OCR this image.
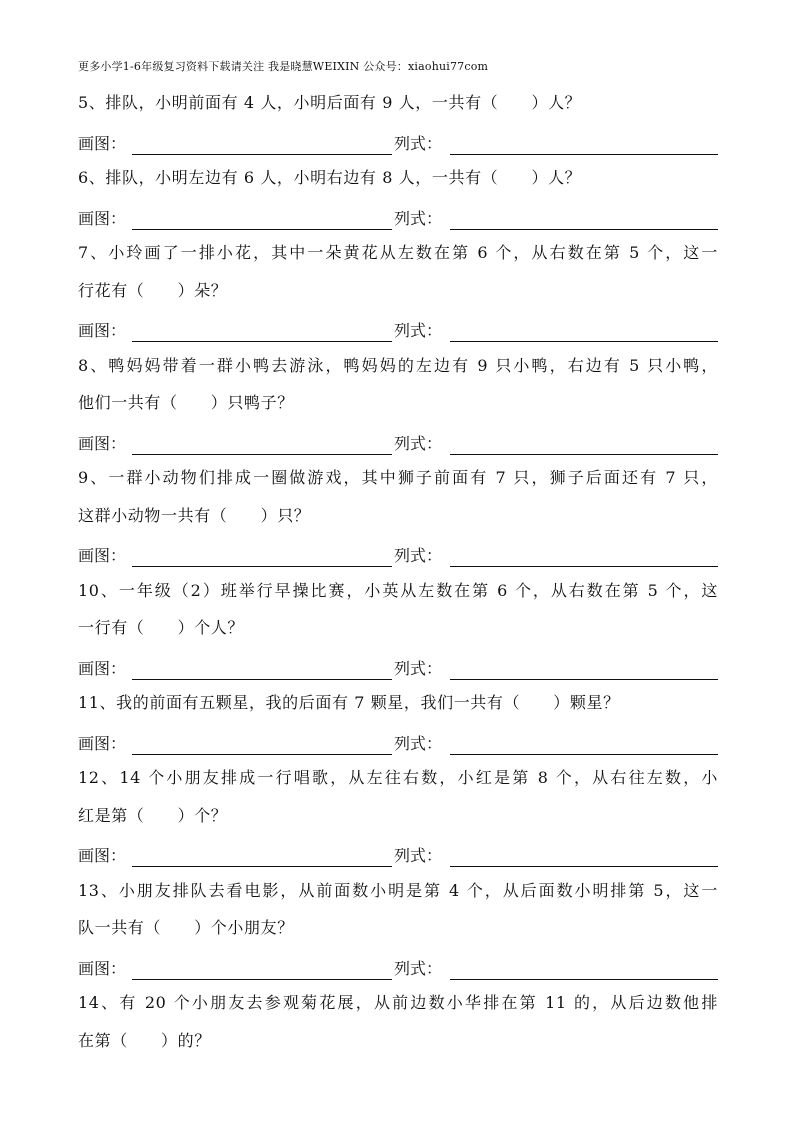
更多小学1-6年级复习资料下载请关注 我是晓慧WEIXIN 公众号：xiaohui77com
5、排队，小明前面有 4 人，小明后面有 9 人，一共有（　　）人？
画图：	列式：
6、排队，小明左边有 6 人，小明右边有 8 人，一共有（　　）人？
画图：	列式：
7、小玲画了一排小花，其中一朵黄花从左数在第 6 个，从右数在第 5 个，这一
行花有（　　）朵？
画图：	列式：
8、鸭妈妈带着一群小鸭去游泳，鸭妈妈的左边有 9 只小鸭，右边有 5 只小鸭，
他们一共有（　　）只鸭子？
画图：	列式：
9、一群小动物们排成一圈做游戏，其中狮子前面有 7 只，狮子后面还有 7 只，
这群小动物一共有（　　）只？
画图：	列式：
10、一年级（2）班举行早操比赛，小英从左数在第 6 个，从右数在第 5 个，这
一行有（　　）个人？
画图：	列式：
11、我的前面有五颗星，我的后面有 7 颗星，我们一共有（　　）颗星？
画图：	列式：
12、14 个小朋友排成一行唱歌，从左往右数，小红是第 8 个，从右往左数，小
红是第（　　）个？
画图：	列式：
13、小朋友排队去看电影，从前面数小明是第 4 个，从后面数小明排第 5，这一
队一共有（　　）个小朋友？
画图：	列式：
14、有 20 个小朋友去参观菊花展，从前边数小华排在第 11 的，从后边数他排
在第（　　）的？
